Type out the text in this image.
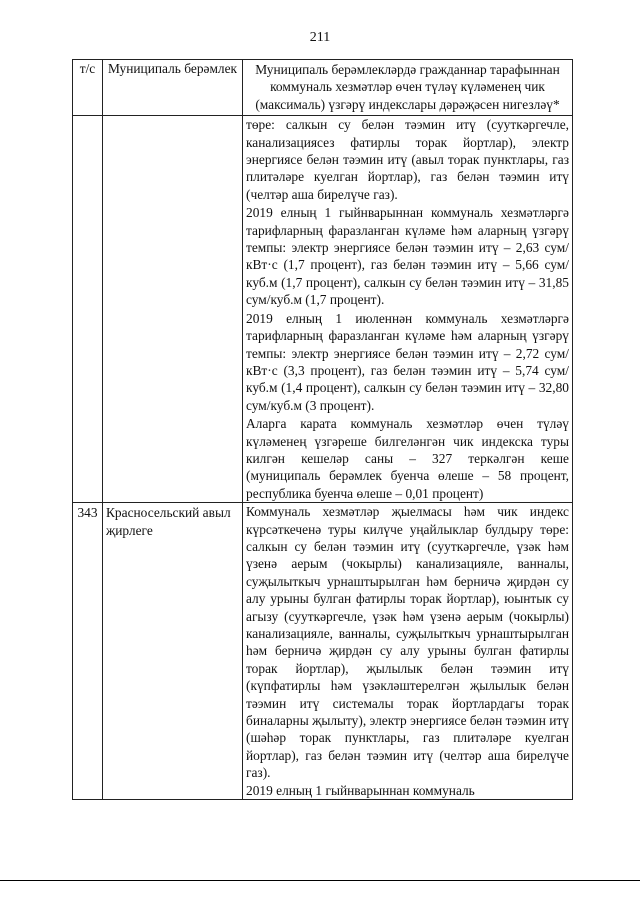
211
т/с	Муниципаль берәмлек	Муниципаль берәмлекләрдә гражданнар тарафыннан коммуналь хезмәтләр өчен түләү күләменең чик (максималь) үзгәрү индекслары дәрәҗәсен нигезләү*

		төре: салкын су белән тәэмин итү (сууткәргечле, канализациясез фатирлы торак йортлар), электр энергиясе белән тәэмин итү (авыл торак пунктлары, газ плитәләре куелган йортлар), газ белән тәэмин итү (челтәр аша бирелүче газ).

2019 елның 1 гыйнварыннан коммуналь хезмәтләргә тарифларның фаразланган күләме һәм аларның үзгәрү темпы: электр энергиясе белән тәэмин итү – 2,63 сум/кВт·с (1,7 процент), газ белән тәэмин итү – 5,66 сум/куб.м (1,7 процент), салкын су белән тәэмин итү – 31,85 сум/куб.м (1,7 процент).

2019 елның 1 июленнән коммуналь хезмәтләргә тарифларның фаразланган күләме һәм аларның үзгәрү темпы: электр энергиясе белән тәэмин итү – 2,72 сум/кВт·с (3,3 процент), газ белән тәэмин итү – 5,74 сум/куб.м (1,4 процент), салкын су белән тәэмин итү – 32,80 сум/куб.м (3 процент).

Аларга карата коммуналь хезмәтләр өчен түләү күләменең үзгәреше билгеләнгән чик индекска туры килгән кешеләр саны – 327 теркәлгән кеше (муниципаль берәмлек буенча өлеше – 58 процент, республика буенча өлеше – 0,01 процент)

343	Красносельский авыл җирлеге	Коммуналь хезмәтләр җыелмасы һәм чик индекс күрсәткеченә туры килүче уңайлыклар булдыру төре: салкын су белән тәэмин итү (сууткәргечле, үзәк һәм үзенә аерым (чокырлы) канализацияле, ванналы, суҗылыткыч урнаштырылган һәм берничә җирдән су алу урыны булган фатирлы торак йортлар), юынтык су агызу (сууткәргечле, үзәк һәм үзенә аерым (чокырлы) канализацияле, ванналы, суҗылыткыч урнаштырылган һәм берничә җирдән су алу урыны булган фатирлы торак йортлар), җылылык белән тәэмин итү (күпфатирлы һәм үзәкләштерелгән җылылык белән тәэмин итү системалы торак йортлардагы торак биналарны җылыту), электр энергиясе белән тәэмин итү (шәһәр торак пунктлары, газ плитәләре куелган йортлар), газ белән тәэмин итү (челтәр аша бирелүче газ).

2019 елның 1 гыйнварыннан коммуналь
